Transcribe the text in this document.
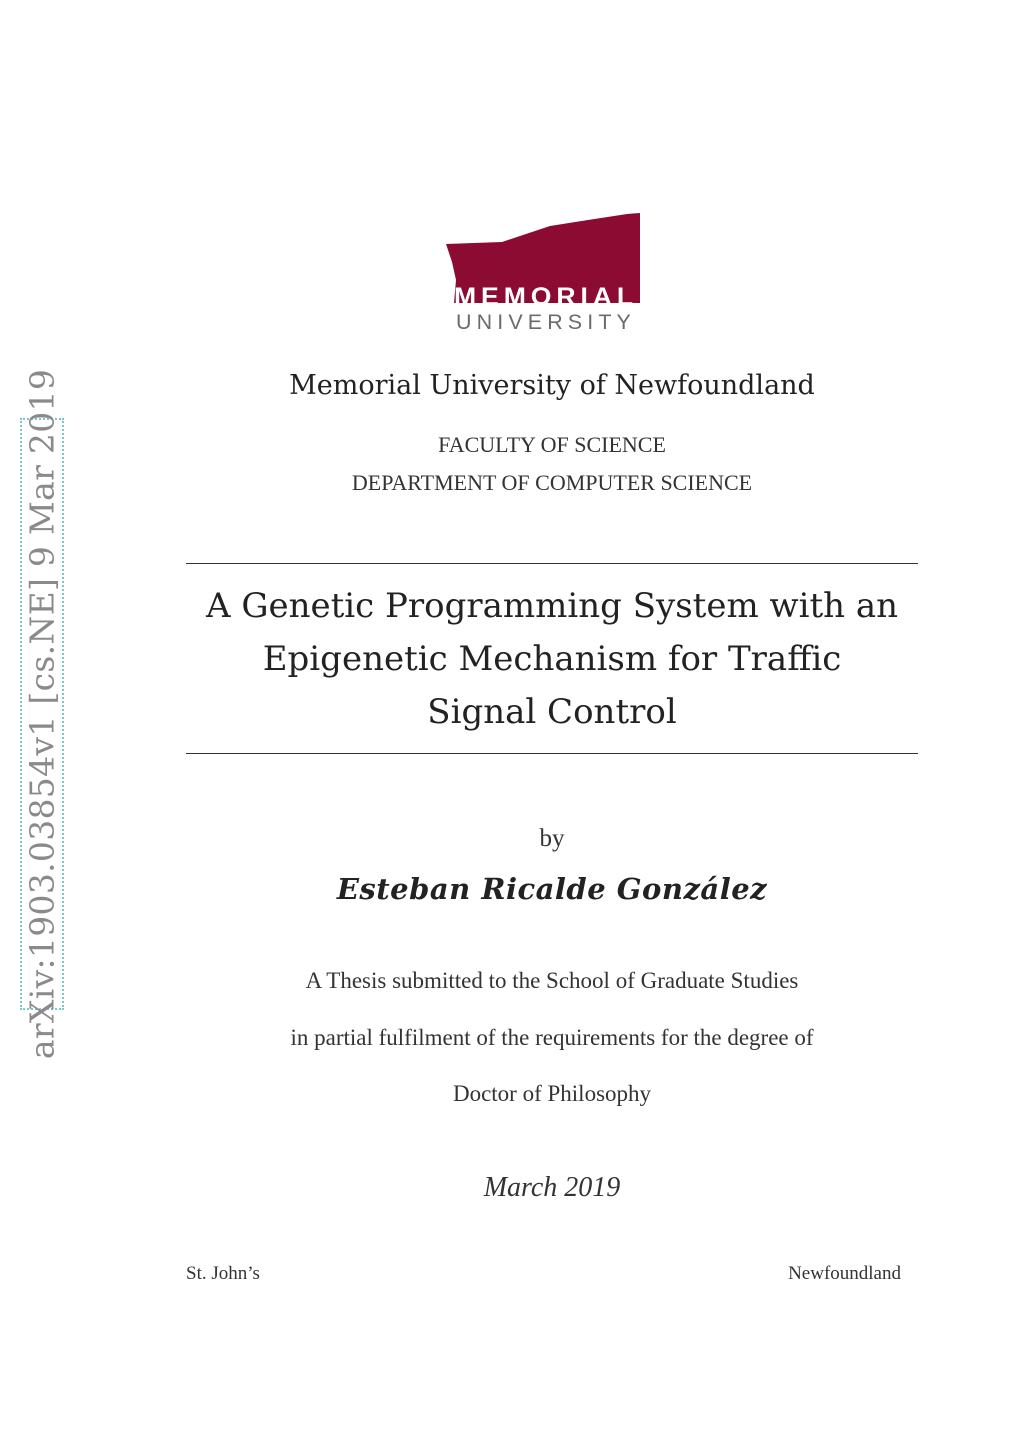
arXiv:1903.03854v1 [cs.NE] 9 Mar 2019
MEMORIAL
UNIVERSITY
Memorial University of Newfoundland
FACULTY OF SCIENCE
DEPARTMENT OF COMPUTER SCIENCE
A Genetic Programming System with an Epigenetic Mechanism for Traffic Signal Control
by
Esteban Ricalde González
A Thesis submitted to the School of Graduate Studies
in partial fulfilment of the requirements for the degree of
Doctor of Philosophy
March 2019
St. John’s	Newfoundland
